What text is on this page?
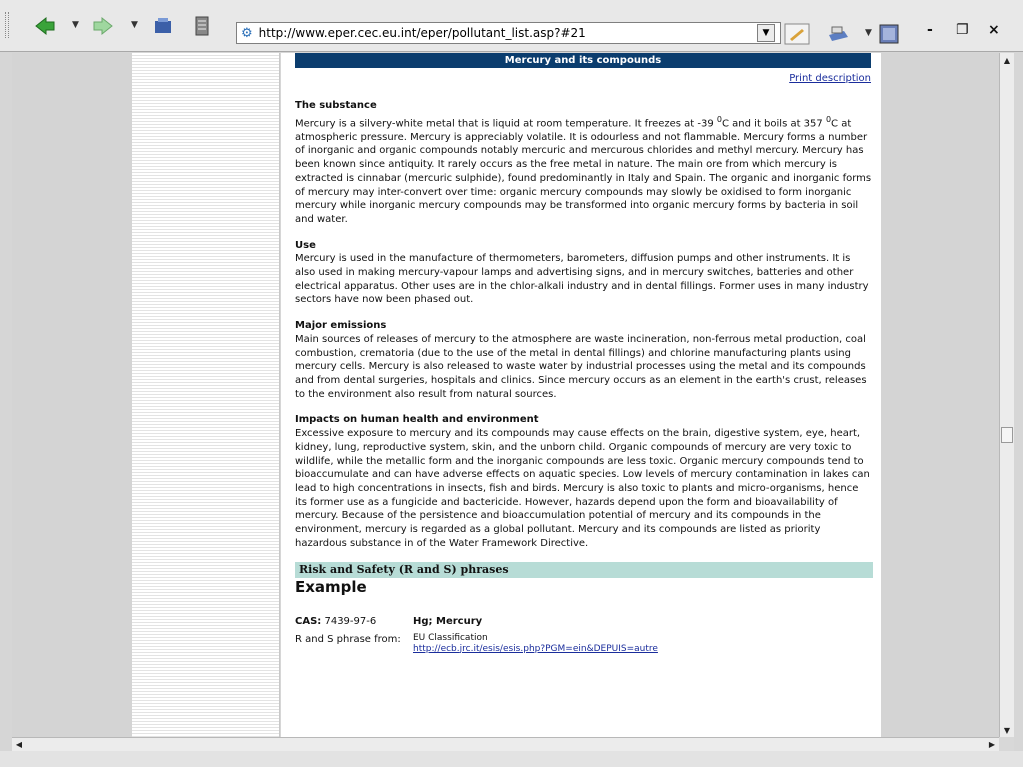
▼	▼
⚙ http://www.eper.cec.eu.int/eper/pollutant_list.asp?#21	▼	▼	- ❐ ×
Mercury and its compounds
Print description
The substance

Mercury is a silvery-white metal that is liquid at room temperature. It freezes at -39 $^0$C and it boils at 357 $^0$C at atmospheric pressure. Mercury is appreciably volatile. It is odourless and not flammable. Mercury forms a number of inorganic and organic compounds notably mercuric and mercurous chlorides and methyl mercury. Mercury has been known since antiquity. It rarely occurs as the free metal in nature. The main ore from which mercury is extracted is cinnabar (mercuric sulphide), found predominantly in Italy and Spain. The organic and inorganic forms of mercury may inter-convert over time: organic mercury compounds may slowly be oxidised to form inorganic mercury while inorganic mercury compounds may be transformed into organic mercury forms by bacteria in soil and water.

Use

Mercury is used in the manufacture of thermometers, barometers, diffusion pumps and other instruments. It is also used in making mercury-vapour lamps and advertising signs, and in mercury switches, batteries and other electrical apparatus. Other uses are in the chlor-alkali industry and in dental fillings. Former uses in many industry sectors have now been phased out.

Major emissions

Main sources of releases of mercury to the atmosphere are waste incineration, non-ferrous metal production, coal combustion, crematoria (due to the use of the metal in dental fillings) and chlorine manufacturing plants using mercury cells. Mercury is also released to waste water by industrial processes using the metal and its compounds and from dental surgeries, hospitals and clinics. Since mercury occurs as an element in the earth's crust, releases to the environment also result from natural sources.

Impacts on human health and environment

Excessive exposure to mercury and its compounds may cause effects on the brain, digestive system, eye, heart, kidney, lung, reproductive system, skin, and the unborn child. Organic compounds of mercury are very toxic to wildlife, while the metallic form and the inorganic compounds are less toxic. Organic mercury compounds tend to bioaccumulate and can have adverse effects on aquatic species. Low levels of mercury contamination in lakes can lead to high concentrations in insects, fish and birds. Mercury is also toxic to plants and micro-organisms, hence its former use as a fungicide and bactericide. However, hazards depend upon the form and bioavailability of mercury. Because of the persistence and bioaccumulation potential of mercury and its compounds in the environment, mercury is regarded as a global pollutant. Mercury and its compounds are listed as priority hazardous substance in of the Water Framework Directive.

Risk and Safety (R and S) phrases
Example
CAS: 7439-97-6	Hg; Mercury
R and S phrase from:	EU Classification
http://ecb.jrc.it/esis/esis.php?PGM=ein&DEPUIS=autre
▲
▼
◀	▶
